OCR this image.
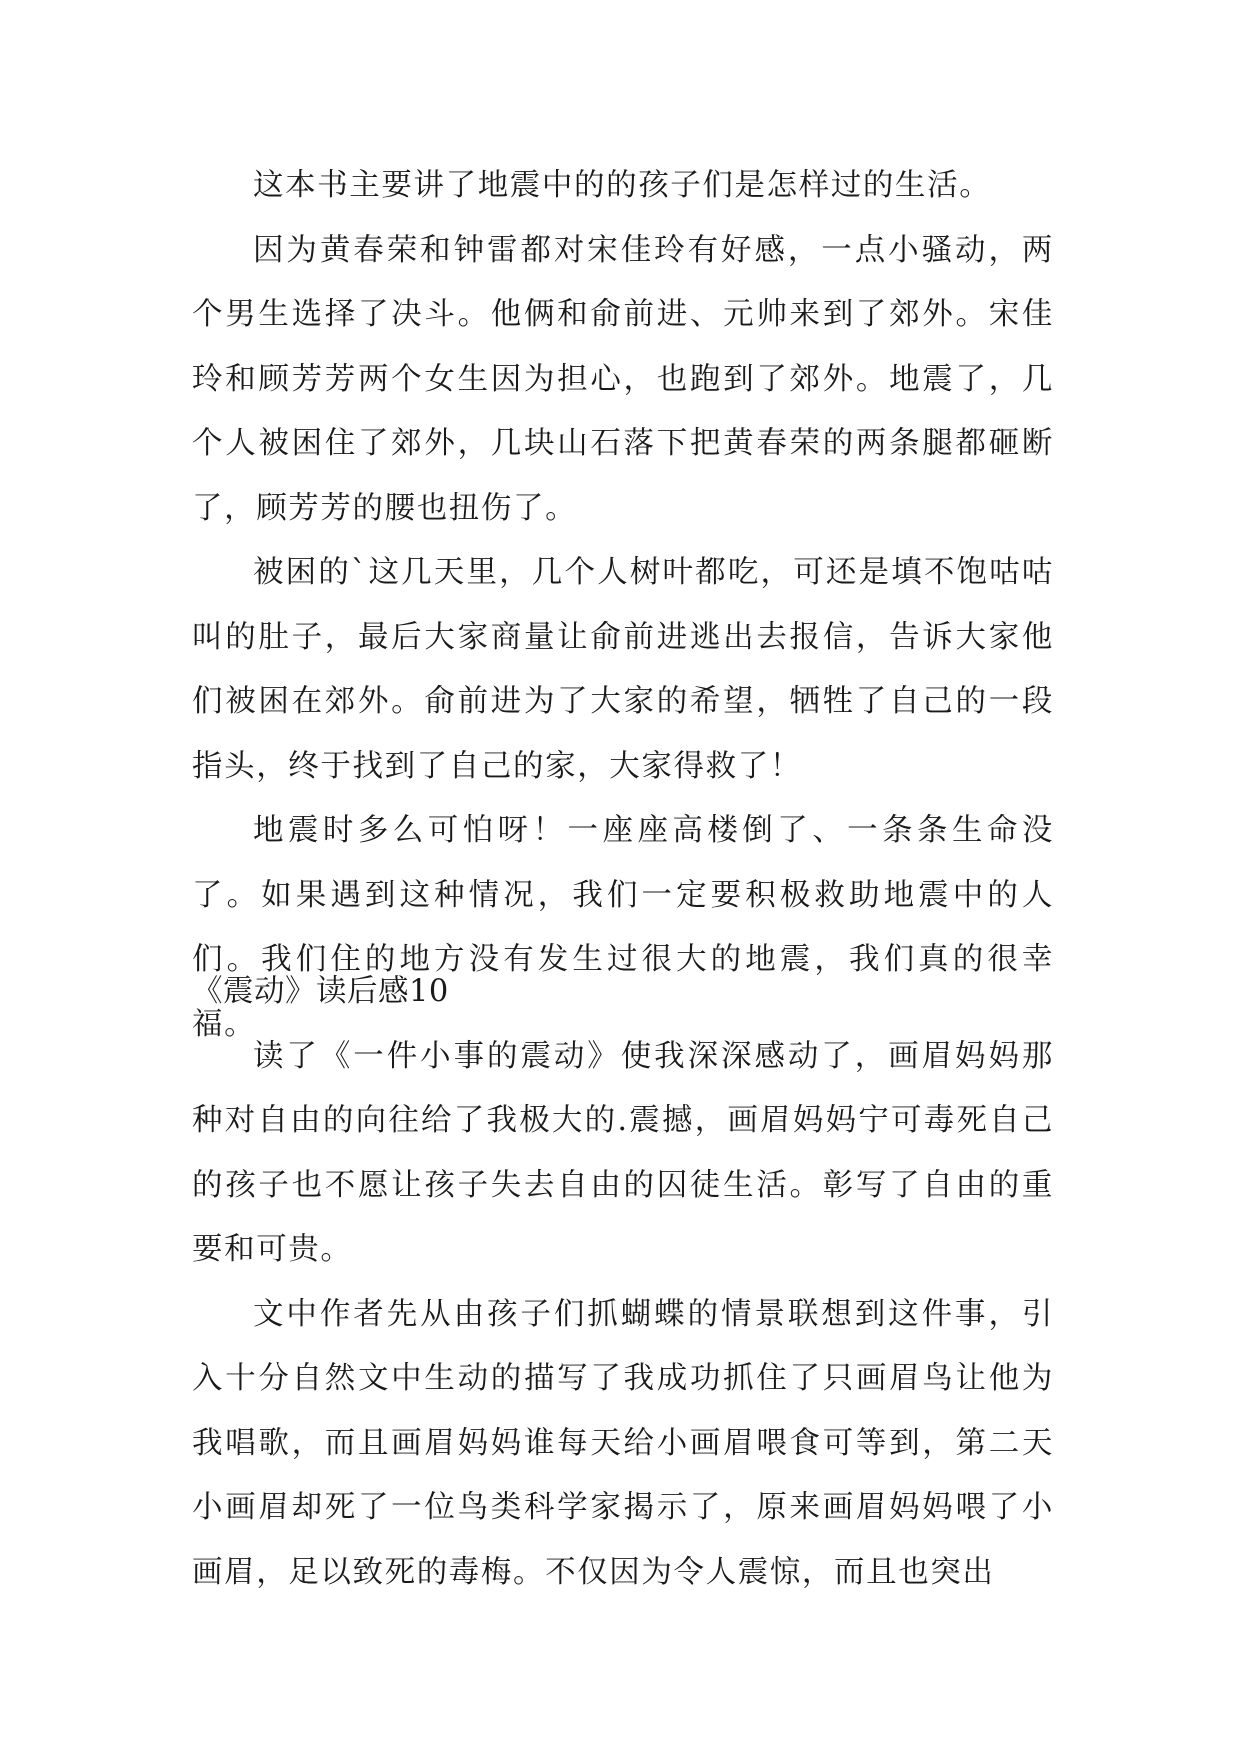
这本书主要讲了地震中的的孩子们是怎样过的生活。

因为黄春荣和钟雷都对宋佳玲有好感，一点小骚动，两个男生选择了决斗。他俩和俞前进、元帅来到了郊外。宋佳玲和顾芳芳两个女生因为担心，也跑到了郊外。地震了，几个人被困住了郊外，几块山石落下把黄春荣的两条腿都砸断了，顾芳芳的腰也扭伤了。

被困的`这几天里，几个人树叶都吃，可还是填不饱咕咕叫的肚子，最后大家商量让俞前进逃出去报信，告诉大家他们被困在郊外。俞前进为了大家的希望，牺牲了自己的一段指头，终于找到了自己的家，大家得救了！

地震时多么可怕呀！一座座高楼倒了、一条条生命没了。如果遇到这种情况，我们一定要积极救助地震中的人们。我们住的地方没有发生过很大的地震，我们真的很幸福。

《震动》读后感10

读了《一件小事的震动》使我深深感动了，画眉妈妈那种对自由的向往给了我极大的.震撼，画眉妈妈宁可毒死自己的孩子也不愿让孩子失去自由的囚徒生活。彰写了自由的重要和可贵。

文中作者先从由孩子们抓蝴蝶的情景联想到这件事，引入十分自然文中生动的描写了我成功抓住了只画眉鸟让他为我唱歌，而且画眉妈妈谁每天给小画眉喂食可等到，第二天小画眉却死了一位鸟类科学家揭示了，原来画眉妈妈喂了小画眉，足以致死的毒梅。不仅因为令人震惊，而且也突出
